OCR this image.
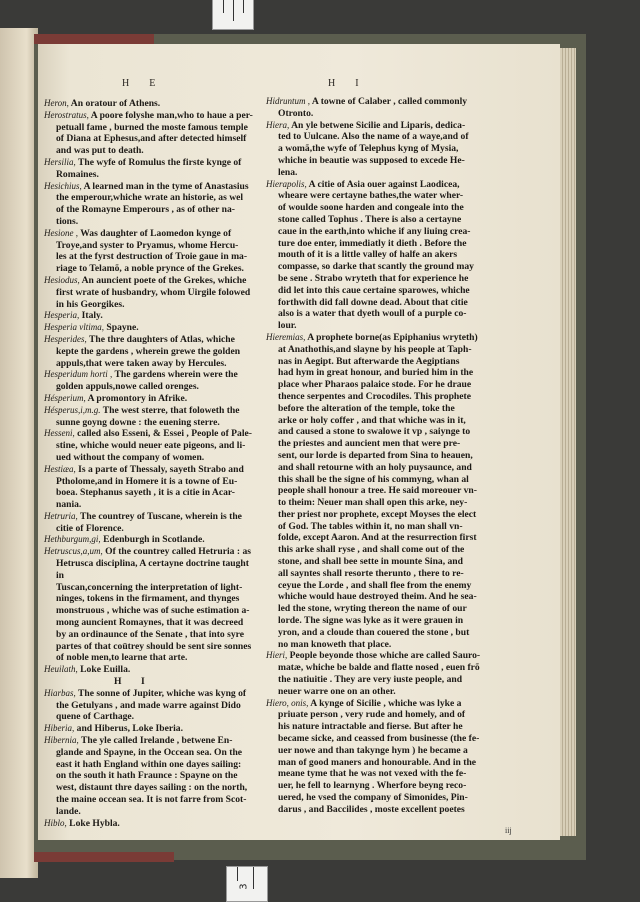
3
H    E	H    I
Heron, An oratour of Athens.
Herostratus, A poore folyshe man,who to haue a per-
petuall fame , burned the moste famous temple
of Diana at Ephesus,and after detected himself
and was put to death.
Hersilia, The wyfe of Romulus the firste kynge of
Romaines.
Hesichius, A learned man in the tyme of Anastasius
the emperour,whiche wrate an historie, as wel
of the Romayne Emperours , as of other na-
tions.
Hesione , Was daughter of Laomedon kynge of
Troye,and syster to Pryamus, whome Hercu-
les at the fyrst destruction of Troie gaue in ma-
riage to Telamõ, a noble prynce of the Grekes.
Hesiodus, An auncient poete of the Grekes, whiche
first wrate of husbandry, whom Uirgile folowed
in his Georgikes.
Hesperia, Italy.
Hesperia vltima, Spayne.
Hesperides, The thre daughters of Atlas, whiche
kepte the gardens , wherein grewe the golden
appuls,that were taken away by Hercules.
Hesperidum horti , The gardens wherein were the
golden appuls,nowe called orenges.
Hésperium, A promontory in Afrike.
Hésperus,i,m.g. The west sterre, that foloweth the
sunne goyng downe : the euening sterre.
Hesseni, called also Esseni, & Essei , People of Pale-
stine, whiche would neuer eate pigeons, and li-
ued without the company of women.
Hestiæa, Is a parte of Thessaly, sayeth Strabo and
Ptholome,and in Homere it is a towne of Eu-
boea. Stephanus sayeth , it is a citie in Acar-
nania.
Hetruria, The countrey of Tuscane, wherein is the
citie of Florence.
Hethburgum,gi, Edenburgh in Scotlande.
Hetruscus,a,um, Of the countrey called Hetruria : as
Hetrusca disciplina, A certayne doctrine taught in
Tuscan,concerning the interpretation of light-
ninges, tokens in the firmament, and thynges
monstruous , whiche was of suche estimation a-
mong auncient Romaynes, that it was decreed
by an ordinaunce of the Senate , that into syre
partes of that coūtrey should be sent sire sonnes
of noble men,to learne that arte.
Heuilath, Loke Euilla.
H    I
Hiarbas, The sonne of Jupiter, whiche was kyng of
the Getulyans , and made warre against Dido
quene of Carthage.
Hiberia, and Hiberus, Loke Iberia.
Hibernia, The yle called Irelande , betwene En-
glande and Spayne, in the Occean sea. On the
east it hath England within one dayes sailing:
on the south it hath Fraunce : Spayne on the
west, distaunt thre dayes sailing : on the north,
the maine occean sea. It is not farre from Scot-
lande.
Hiblo, Loke Hybla.
Hidruntum , A towne of Calaber , called commonly
Otronto.
Hiera, An yle betwene Sicilie and Liparis, dedica-
ted to Uulcane. Also the name of a waye,and of
a womã,the wyfe of Telephus kyng of Mysia,
whiche in beautie was supposed to excede He-
lena.
Hierapolis, A citie of Asia ouer against Laodicea,
wheare were certayne bathes,the water wher-
of woulde soone harden and congeale into the
stone called Tophus . There is also a certayne
caue in the earth,into whiche if any liuing crea-
ture doe enter, immediatly it dieth . Before the
mouth of it is a little valley of halfe an akers
compasse, so darke that scantly the ground may
be sene . Strabo wryteth that for experience he
did let into this caue certaine sparowes, whiche
forthwith did fall downe dead. About that citie
also is a water that dyeth woull of a purple co-
lour.
Hieremias, A prophete borne(as Epiphanius wryteth)
at Anathothis,and slayne by his people at Taph-
nas in Aegipt. But afterwarde the Aegiptians
had hym in great honour, and buried him in the
place wher Pharaos palaice stode. For he draue
thence serpentes and Crocodiles. This prophete
before the alteration of the temple, toke the
arke or holy coffer , and that whiche was in it,
and caused a stone to swalowe it vp , saiynge to
the priestes and auncient men that were pre-
sent, our lorde is departed from Sina to heauen,
and shall retourne with an holy puysaunce, and
this shall be the signe of his commyng, whan al
people shall honour a tree. He said moreouer vn-
to theim: Neuer man shall open this arke, ney-
ther priest nor prophete, except Moyses the elect
of God. The tables within it, no man shall vn-
folde, except Aaron. And at the resurrection first
this arke shall ryse , and shall come out of the
stone, and shall bee sette in mounte Sina, and
all sayntes shall resorte therunto , there to re-
ceyue the Lorde , and shall flee from the enemy
whiche would haue destroyed theim. And he sea-
led the stone, wryting thereon the name of our
lorde. The signe was lyke as it were grauen in
yron, and a cloude than couered the stone , but
no man knoweth that place.
Hieri, People beyonde those whiche are called Sauro-
matæ, whiche be balde and flatte nosed , euen frõ
the natiuitie . They are very iuste people, and
neuer warre one on an other.
Hiero, onis, A kynge of Sicilie , whiche was lyke a
priuate person , very rude and homely, and of
his nature intractable and fierse. But after he
became sicke, and ceassed from businesse (the fe-
uer nowe and than takynge hym ) he became a
man of good maners and honourable. And in the
meane tyme that he was not vexed with the fe-
uer, he fell to learnyng . Wherfore beyng reco-
uered, he vsed the company of Simonides, Pin-
darus , and Baccilides , moste excellent poetes
iij
